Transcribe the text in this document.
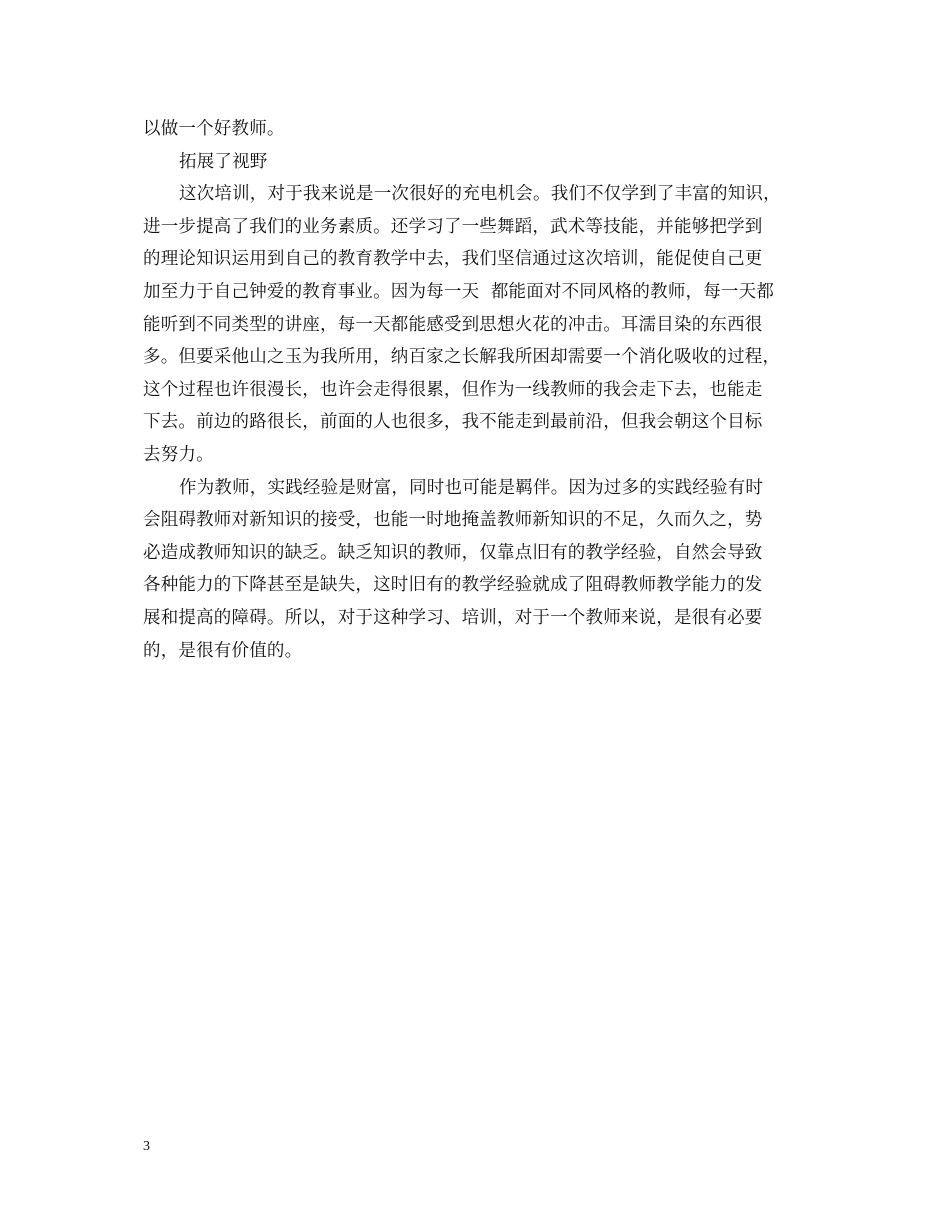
以做一个好教师。
拓展了视野
这次培训，对于我来说是一次很好的充电机会。我们不仅学到了丰富的知识，
进一步提高了我们的业务素质。还学习了一些舞蹈，武术等技能，并能够把学到
的理论知识运用到自己的教育教学中去，我们坚信通过这次培训，能促使自己更
加至力于自己钟爱的教育事业。因为每一天  都能面对不同风格的教师，每一天都
能听到不同类型的讲座，每一天都能感受到思想火花的冲击。耳濡目染的东西很
多。但要采他山之玉为我所用，纳百家之长解我所困却需要一个消化吸收的过程，
这个过程也许很漫长，也许会走得很累，但作为一线教师的我会走下去，也能走
下去。前边的路很长，前面的人也很多，我不能走到最前沿，但我会朝这个目标
去努力。
作为教师，实践经验是财富，同时也可能是羁伴。因为过多的实践经验有时
会阻碍教师对新知识的接受，也能一时地掩盖教师新知识的不足，久而久之，势
必造成教师知识的缺乏。缺乏知识的教师，仅靠点旧有的教学经验，自然会导致
各种能力的下降甚至是缺失，这时旧有的教学经验就成了阻碍教师教学能力的发
展和提高的障碍。所以，对于这种学习、培训，对于一个教师来说，是很有必要
的，是很有价值的。
3
